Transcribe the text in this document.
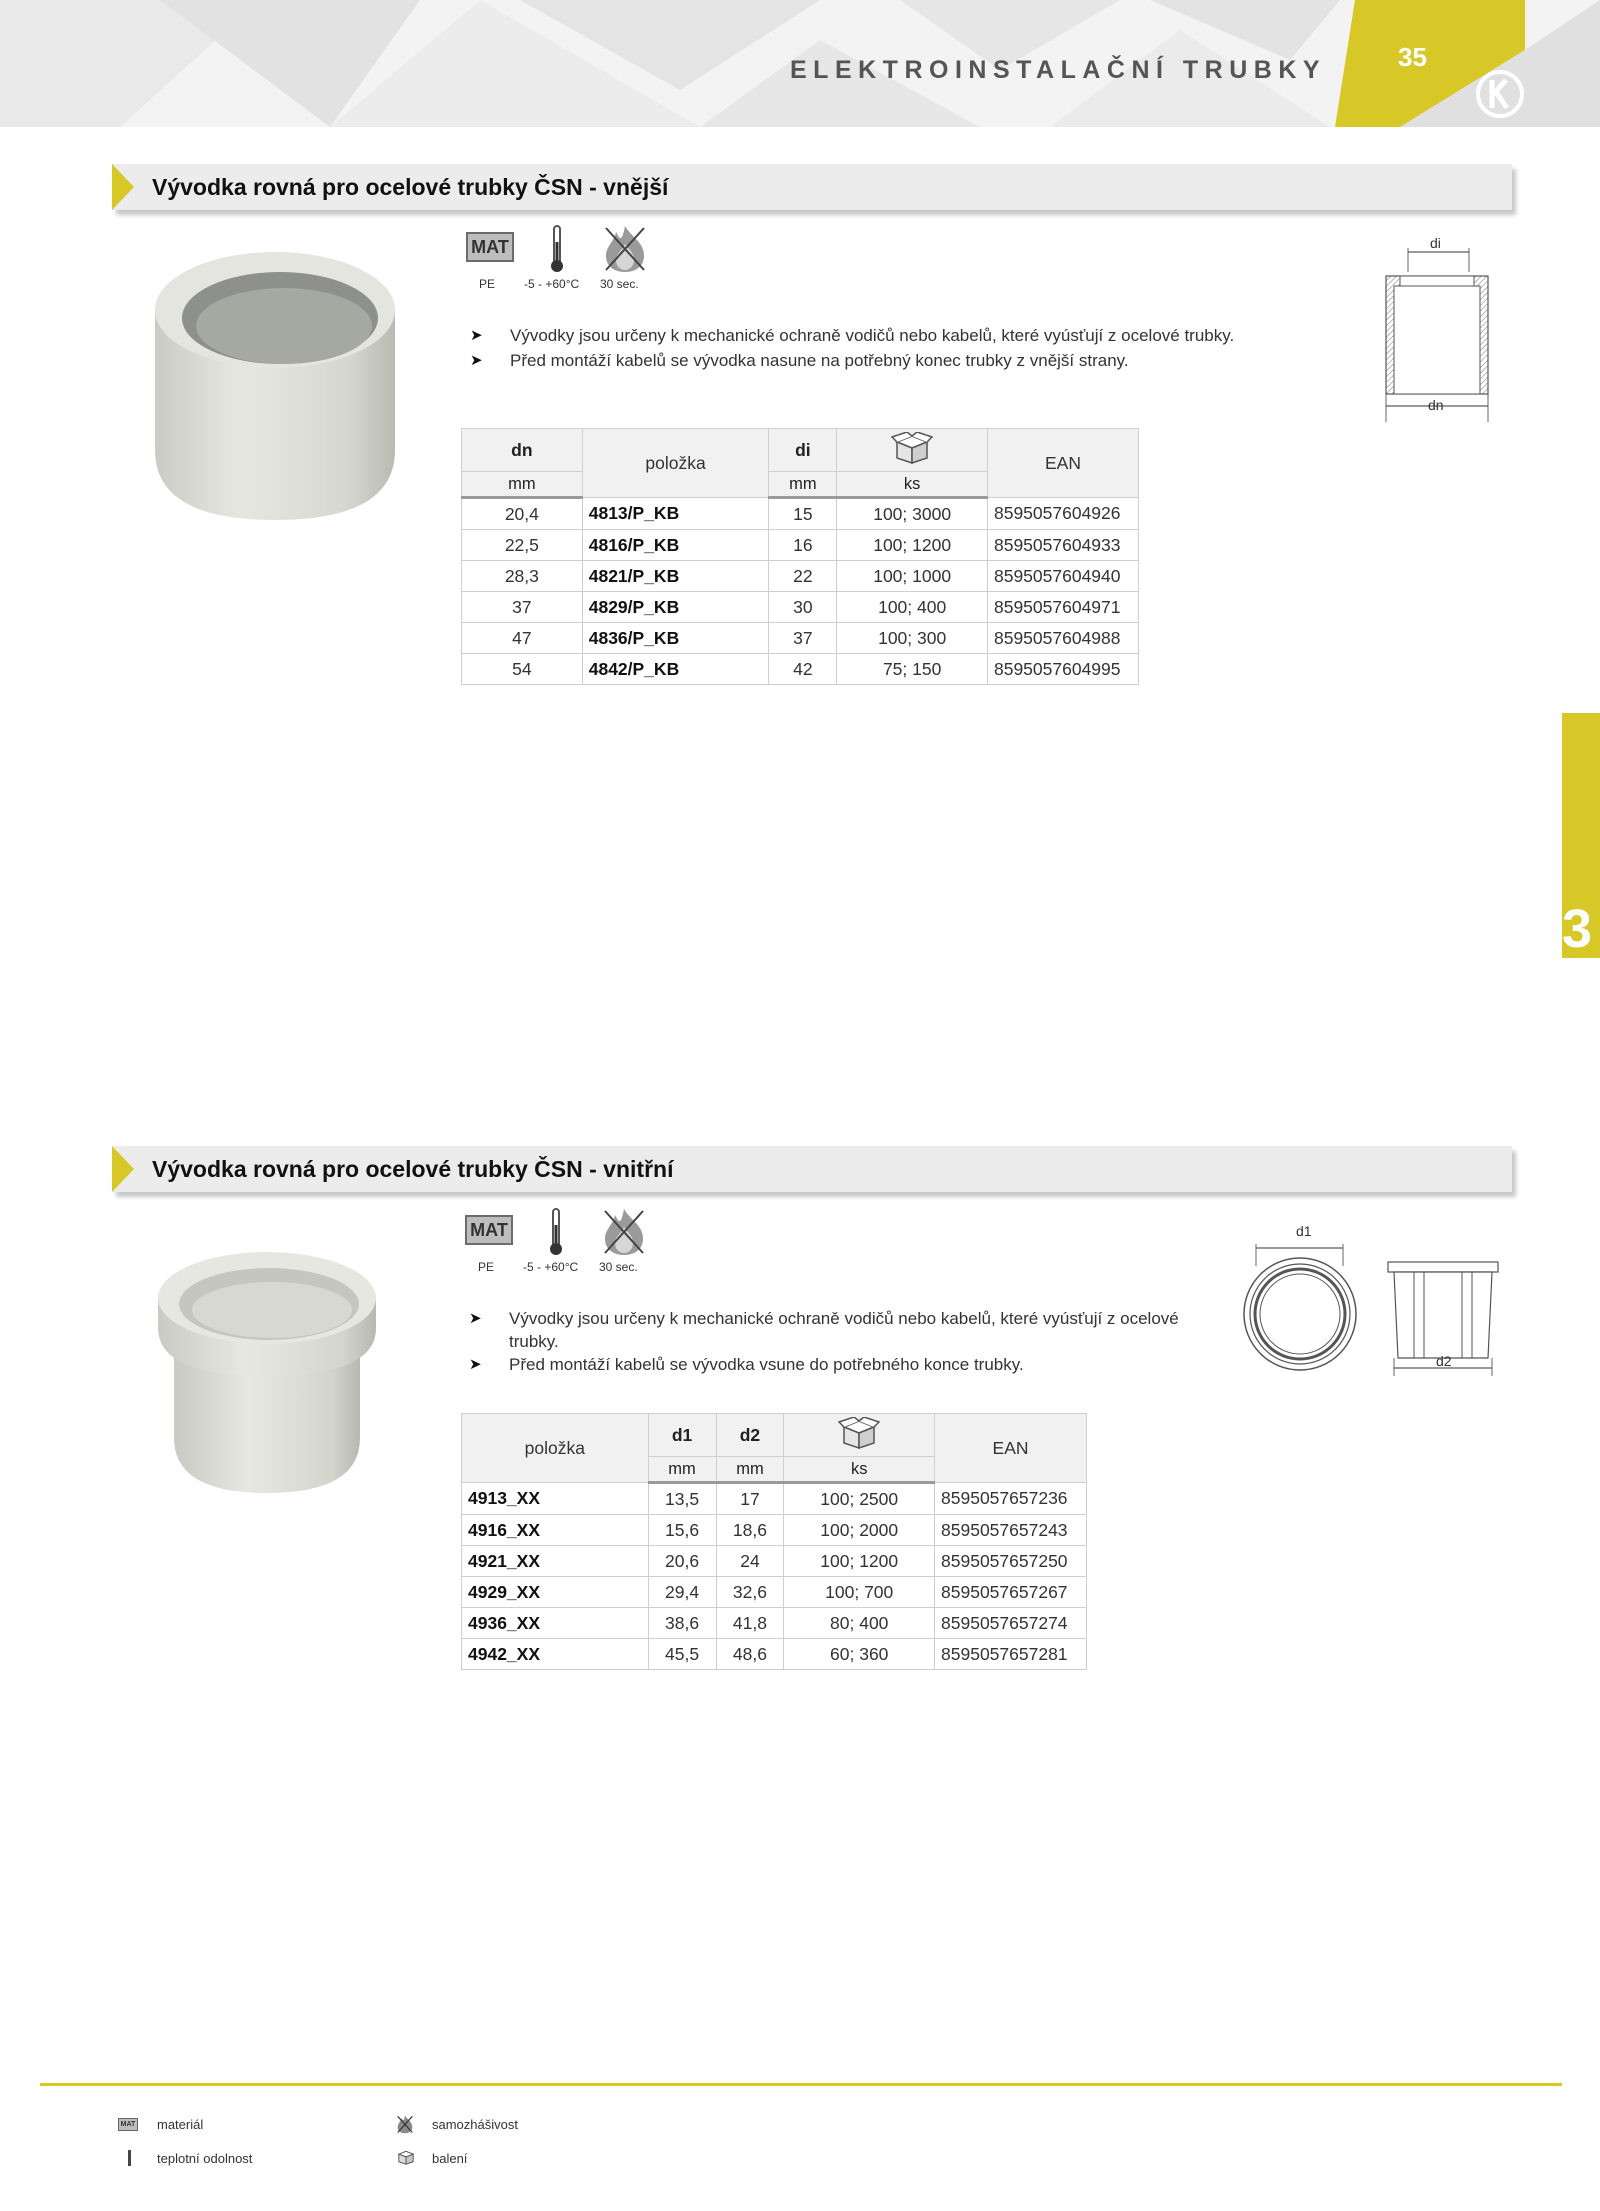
ELEKTROINSTALAČNÍ TRUBKY	35
Vývodka rovná pro ocelové trubky ČSN - vnější
MAT
PE -5 - +60°C 30 sec.
➤ Vývodky jsou určeny k mechanické ochraně vodičů nebo kabelů, které vyúsťují z ocelové trubky.
➤ Před montáží kabelů se vývodka nasune na potřebný konec trubky z vnější strany.
di
dn
dn	položka	di		EAN
mm		mm	ks	
20,4	4813/P_KB	15	100; 3000	8595057604926
22,5	4816/P_KB	16	100; 1200	8595057604933
28,3	4821/P_KB	22	100; 1000	8595057604940
37	4829/P_KB	30	100; 400	8595057604971
47	4836/P_KB	37	100; 300	8595057604988
54	4842/P_KB	42	75; 150	8595057604995
3
Vývodka rovná pro ocelové trubky ČSN - vnitřní
MAT
PE -5 - +60°C 30 sec.
➤ Vývodky jsou určeny k mechanické ochraně vodičů nebo kabelů, které vyúsťují z ocelové trubky.
➤ Před montáží kabelů se vývodka vsune do potřebného konce trubky.
d1
d2
položka	d1	d2		EAN
	mm	mm	ks	
4913_XX	13,5	17	100; 2500	8595057657236
4916_XX	15,6	18,6	100; 2000	8595057657243
4921_XX	20,6	24	100; 1200	8595057657250
4929_XX	29,4	32,6	100; 700	8595057657267
4936_XX	38,6	41,8	80; 400	8595057657274
4942_XX	45,5	48,6	60; 360	8595057657281
MAT materiál
teplotní odolnost
samozhášivost
balení
